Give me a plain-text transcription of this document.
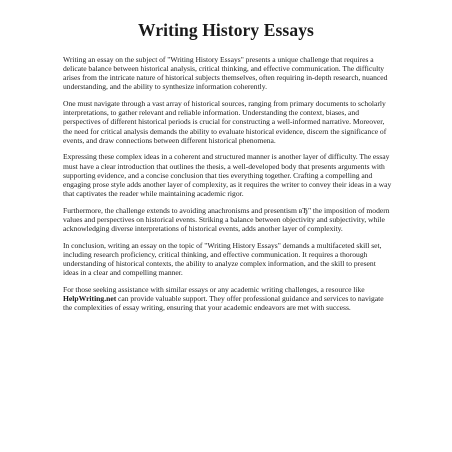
Writing History Essays

Writing an essay on the subject of "Writing History Essays" presents a unique challenge that requires a delicate balance between historical analysis, critical thinking, and effective communication. The difficulty arises from the intricate nature of historical subjects themselves, often requiring in-depth research, nuanced understanding, and the ability to synthesize information coherently.

One must navigate through a vast array of historical sources, ranging from primary documents to scholarly interpretations, to gather relevant and reliable information. Understanding the context, biases, and perspectives of different historical periods is crucial for constructing a well-informed narrative. Moreover, the need for critical analysis demands the ability to evaluate historical evidence, discern the significance of events, and draw connections between different historical phenomena.

Expressing these complex ideas in a coherent and structured manner is another layer of difficulty. The essay must have a clear introduction that outlines the thesis, a well-developed body that presents arguments with supporting evidence, and a concise conclusion that ties everything together. Crafting a compelling and engaging prose style adds another layer of complexity, as it requires the writer to convey their ideas in a way that captivates the reader while maintaining academic rigor.

Furthermore, the challenge extends to avoiding anachronisms and presentism вЂ" the imposition of modern values and perspectives on historical events. Striking a balance between objectivity and subjectivity, while acknowledging diverse interpretations of historical events, adds another layer of complexity.

In conclusion, writing an essay on the topic of "Writing History Essays" demands a multifaceted skill set, including research proficiency, critical thinking, and effective communication. It requires a thorough understanding of historical contexts, the ability to analyze complex information, and the skill to present ideas in a clear and compelling manner.

For those seeking assistance with similar essays or any academic writing challenges, a resource like HelpWriting.net can provide valuable support. They offer professional guidance and services to navigate the complexities of essay writing, ensuring that your academic endeavors are met with success.
